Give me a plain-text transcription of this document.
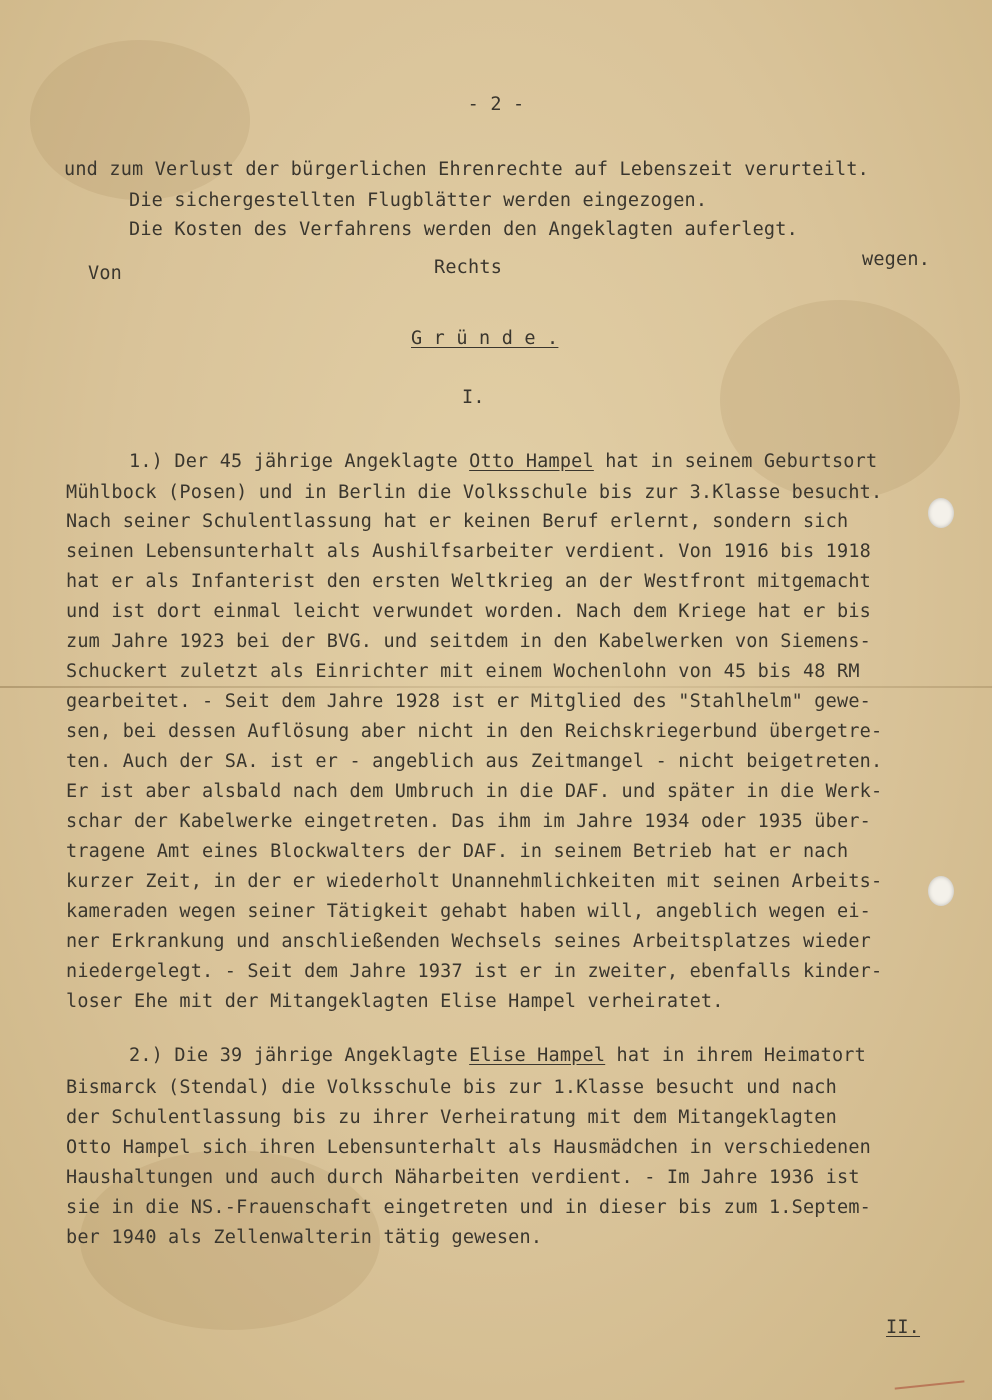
- 2 -
und zum Verlust der bürgerlichen Ehrenrechte auf Lebenszeit verurteilt.
Die sichergestellten Flugblätter werden eingezogen.
Die Kosten des Verfahrens werden den Angeklagten auferlegt.
Von	Rechts	wegen.
G r ü n d e .
I.
1.) Der 45 jährige Angeklagte Otto Hampel hat in seinem Geburtsort
Mühlbock (Posen) und in Berlin die Volksschule bis zur 3.Klasse besucht.
Nach seiner Schulentlassung hat er keinen Beruf erlernt, sondern sich
seinen Lebensunterhalt als Aushilfsarbeiter verdient. Von 1916 bis 1918
hat er als Infanterist den ersten Weltkrieg an der Westfront mitgemacht
und ist dort einmal leicht verwundet worden. Nach dem Kriege hat er bis
zum Jahre 1923 bei der BVG. und seitdem in den Kabelwerken von Siemens-
Schuckert zuletzt als Einrichter mit einem Wochenlohn von 45 bis 48 RM
gearbeitet. - Seit dem Jahre 1928 ist er Mitglied des "Stahlhelm" gewe-
sen, bei dessen Auflösung aber nicht in den Reichskriegerbund übergetre-
ten. Auch der SA. ist er - angeblich aus Zeitmangel - nicht beigetreten.
Er ist aber alsbald nach dem Umbruch in die DAF. und später in die Werk-
schar der Kabelwerke eingetreten. Das ihm im Jahre 1934 oder 1935 über-
tragene Amt eines Blockwalters der DAF. in seinem Betrieb hat er nach
kurzer Zeit, in der er wiederholt Unannehmlichkeiten mit seinen Arbeits-
kameraden wegen seiner Tätigkeit gehabt haben will, angeblich wegen ei-
ner Erkrankung und anschließenden Wechsels seines Arbeitsplatzes wieder
niedergelegt. - Seit dem Jahre 1937 ist er in zweiter, ebenfalls kinder-
loser Ehe mit der Mitangeklagten Elise Hampel verheiratet.
2.) Die 39 jährige Angeklagte Elise Hampel hat in ihrem Heimatort
Bismarck (Stendal) die Volksschule bis zur 1.Klasse besucht und nach
der Schulentlassung bis zu ihrer Verheiratung mit dem Mitangeklagten
Otto Hampel sich ihren Lebensunterhalt als Hausmädchen in verschiedenen
Haushaltungen und auch durch Näharbeiten verdient. - Im Jahre 1936 ist
sie in die NS.-Frauenschaft eingetreten und in dieser bis zum 1.Septem-
ber 1940 als Zellenwalterin tätig gewesen.
II.
